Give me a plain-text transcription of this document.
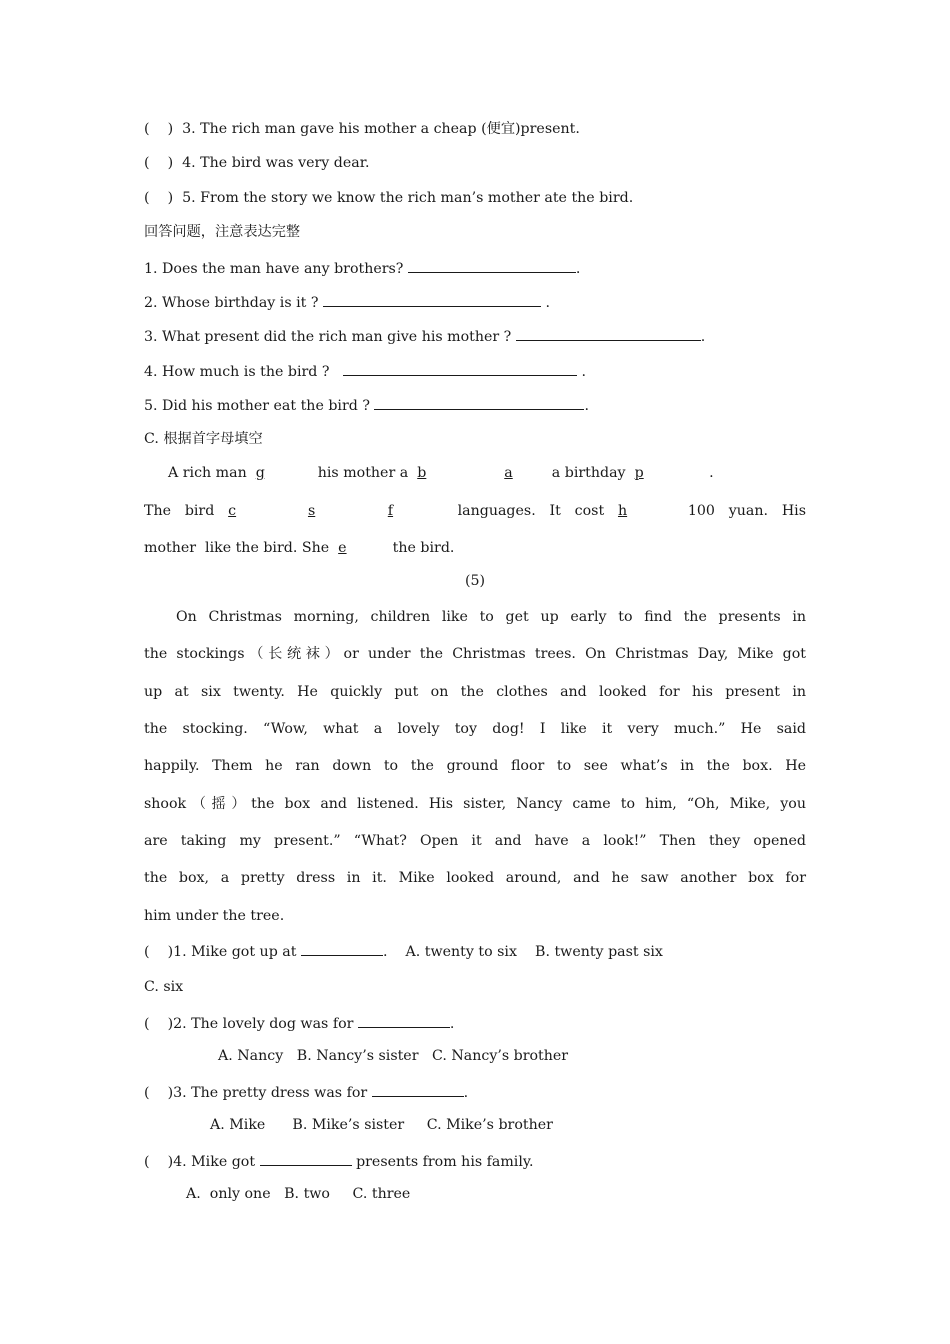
(    ) 3. The rich man gave his mother a cheap (便宜)present.
(    ) 4. The bird was very dear.
(    ) 5. From the story we know the rich man’s mother ate the bird.
回答问题，注意表达完整
1. Does the man have any brothers?	.
2. Whose birthday is it ?	.
3. What present did the rich man give his mother ?	.
4. How much is the bird ?	.
5. Did his mother eat the bird ?	.
C. 根据首字母填空
A rich man g	his mother a b	a	a birthday p	.
The bird c	s	f	languages. It cost h	100 yuan. His
mother  like the bird. She e	the bird.
(5)
On Christmas morning, children like to get up early to find the presents in
the stockings（长统袜）or under the Christmas trees. On Christmas Day, Mike got
up at six twenty. He quickly put on the clothes and looked for his present in
the stocking. “Wow, what a lovely toy dog! I like it very much.” He said
happily. Them he ran down to the ground floor to see what’s in the box. He
shook（摇）the box and listened. His sister, Nancy came to him, “Oh, Mike, you
are taking my present.” “What? Open it and have a look!” Then they opened
the box, a pretty dress in it. Mike looked around, and he saw another box for
him under the tree.
(    )1. Mike got up at	. A. twenty to six B. twenty past six
C. six
(    )2. The lovely dog was for	.
A. Nancy B. Nancy’s sister C. Nancy’s brother
(    )3. The pretty dress was for	.
A. Mike B. Mike’s sister C. Mike’s brother
(    )4. Mike got	presents from his family.
A.  only one B. two C. three
